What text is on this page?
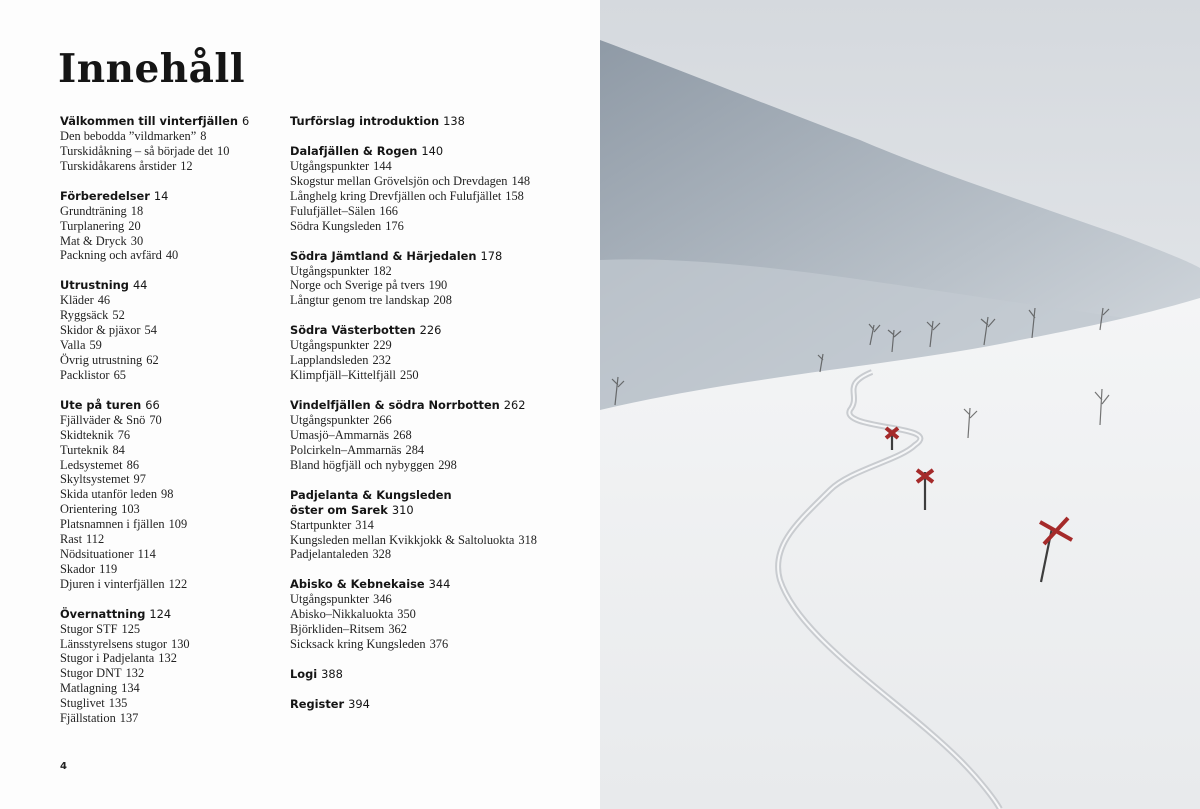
Innehåll
Välkommen till vinterfjällen 6
Den bebodda ”vildmarken” 8
Turskidåkning – så började det 10
Turskidåkarens årstider 12
Förberedelser 14
Grundträning 18
Turplanering 20
Mat & Dryck 30
Packning och avfärd 40
Utrustning 44
Kläder 46
Ryggsäck 52
Skidor & pjäxor 54
Valla 59
Övrig utrustning 62
Packlistor 65
Ute på turen 66
Fjällväder & Snö 70
Skidteknik 76
Turteknik 84
Ledsystemet 86
Skyltsystemet 97
Skida utanför leden 98
Orientering 103
Platsnamnen i fjällen 109
Rast 112
Nödsituationer 114
Skador 119
Djuren i vinterfjällen 122
Övernattning 124
Stugor STF 125
Länsstyrelsens stugor 130
Stugor i Padjelanta 132
Stugor DNT 132
Matlagning 134
Stuglivet 135
Fjällstation 137
Turförslag introduktion 138
Dalafjällen & Rogen 140
Utgångspunkter 144
Skogstur mellan Grövelsjön och Drevdagen 148
Långhelg kring Drevfjällen och Fulufjället 158
Fulufjället–Sälen 166
Södra Kungsleden 176
Södra Jämtland & Härjedalen 178
Utgångspunkter 182
Norge och Sverige på tvers 190
Långtur genom tre landskap 208
Södra Västerbotten 226
Utgångspunkter 229
Lapplandsleden 232
Klimpfjäll–Kittelfjäll 250
Vindelfjällen & södra Norrbotten 262
Utgångspunkter 266
Umasjö–Ammarnäs 268
Polcirkeln–Ammarnäs 284
Bland högfjäll och nybyggen 298
Padjelanta & Kungsleden
öster om Sarek 310
Startpunkter 314
Kungsleden mellan Kvikkjokk & Saltoluokta 318
Padjelantaleden 328
Abisko & Kebnekaise 344
Utgångspunkter 346
Abisko–Nikkaluokta 350
Björkliden–Ritsem 362
Sicksack kring Kungsleden 376
Logi 388
Register 394
4
